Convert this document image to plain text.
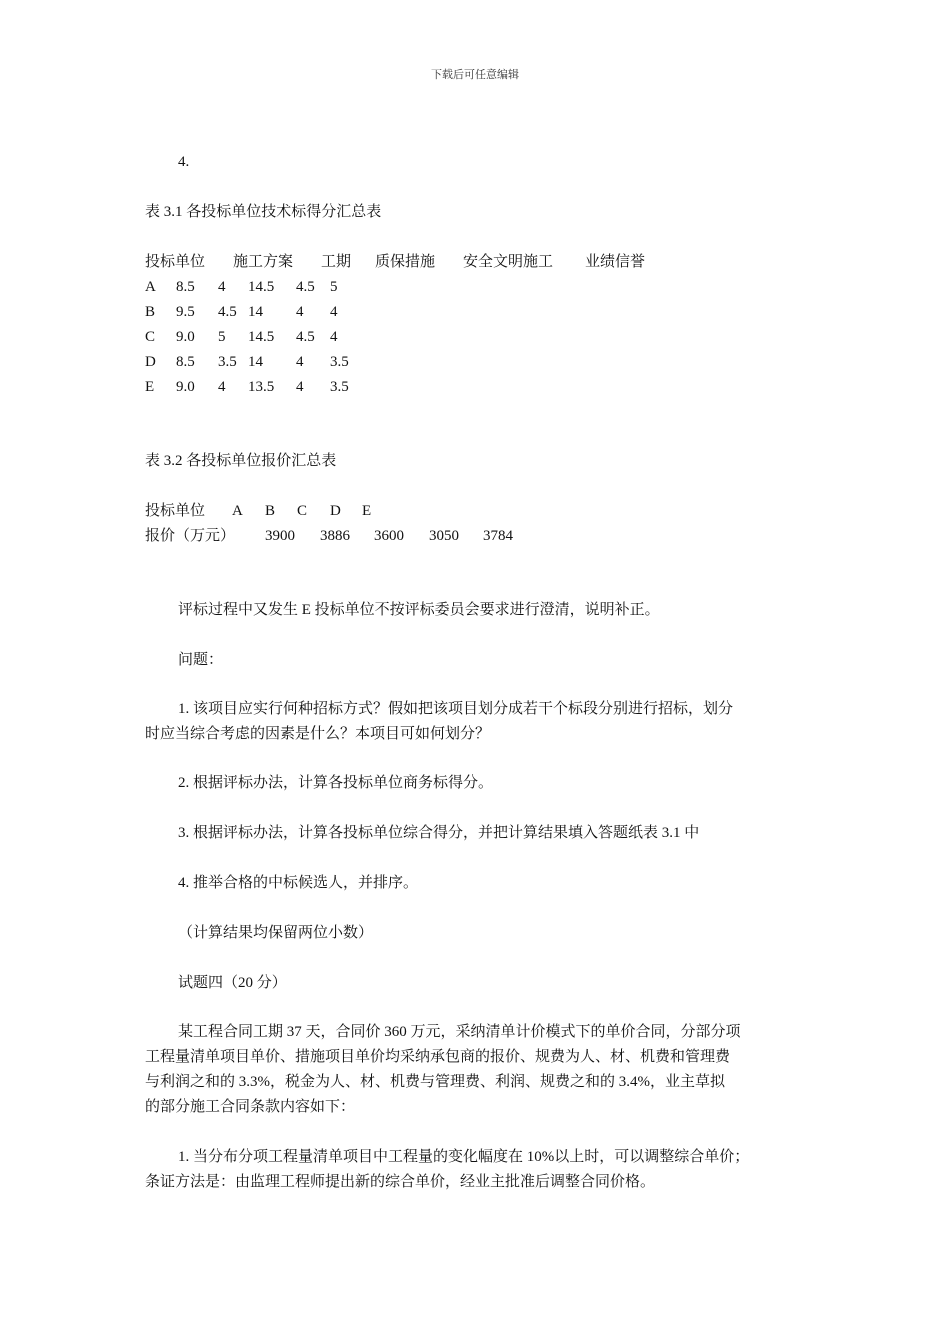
下载后可任意编辑
4.
表 3.1 各投标单位技术标得分汇总表
投标单位 施工方案 工期 质保措施 安全文明施工 业绩信誉
A 8.5 4 14.5 4.5 5
B 9.5 4.5 14 4 4
C 9.0 5 14.5 4.5 4
D 8.5 3.5 14 4 3.5
E 9.0 4 13.5 4 3.5
表 3.2 各投标单位报价汇总表
投标单位 A B C D E
报价（万元） 3900 3886 3600 3050 3784
评标过程中又发生 E 投标单位不按评标委员会要求进行澄清，说明补正。
问题：
1. 该项目应实行何种招标方式？假如把该项目划分成若干个标段分别进行招标，划分
时应当综合考虑的因素是什么？本项目可如何划分？
2. 根据评标办法，计算各投标单位商务标得分。
3. 根据评标办法，计算各投标单位综合得分，并把计算结果填入答题纸表 3.1 中
4. 推举合格的中标候选人，并排序。
（计算结果均保留两位小数）
试题四（20 分）
某工程合同工期 37 天，合同价 360 万元，采纳清单计价模式下的单价合同，分部分项
工程量清单项目单价、措施项目单价均采纳承包商的报价、规费为人、材、机费和管理费
与利润之和的 3.3%，税金为人、材、机费与管理费、利润、规费之和的 3.4%，业主草拟
的部分施工合同条款内容如下：
1. 当分布分项工程量清单项目中工程量的变化幅度在 10%以上时，可以调整综合单价；
条证方法是：由监理工程师提出新的综合单价，经业主批准后调整合同价格。
